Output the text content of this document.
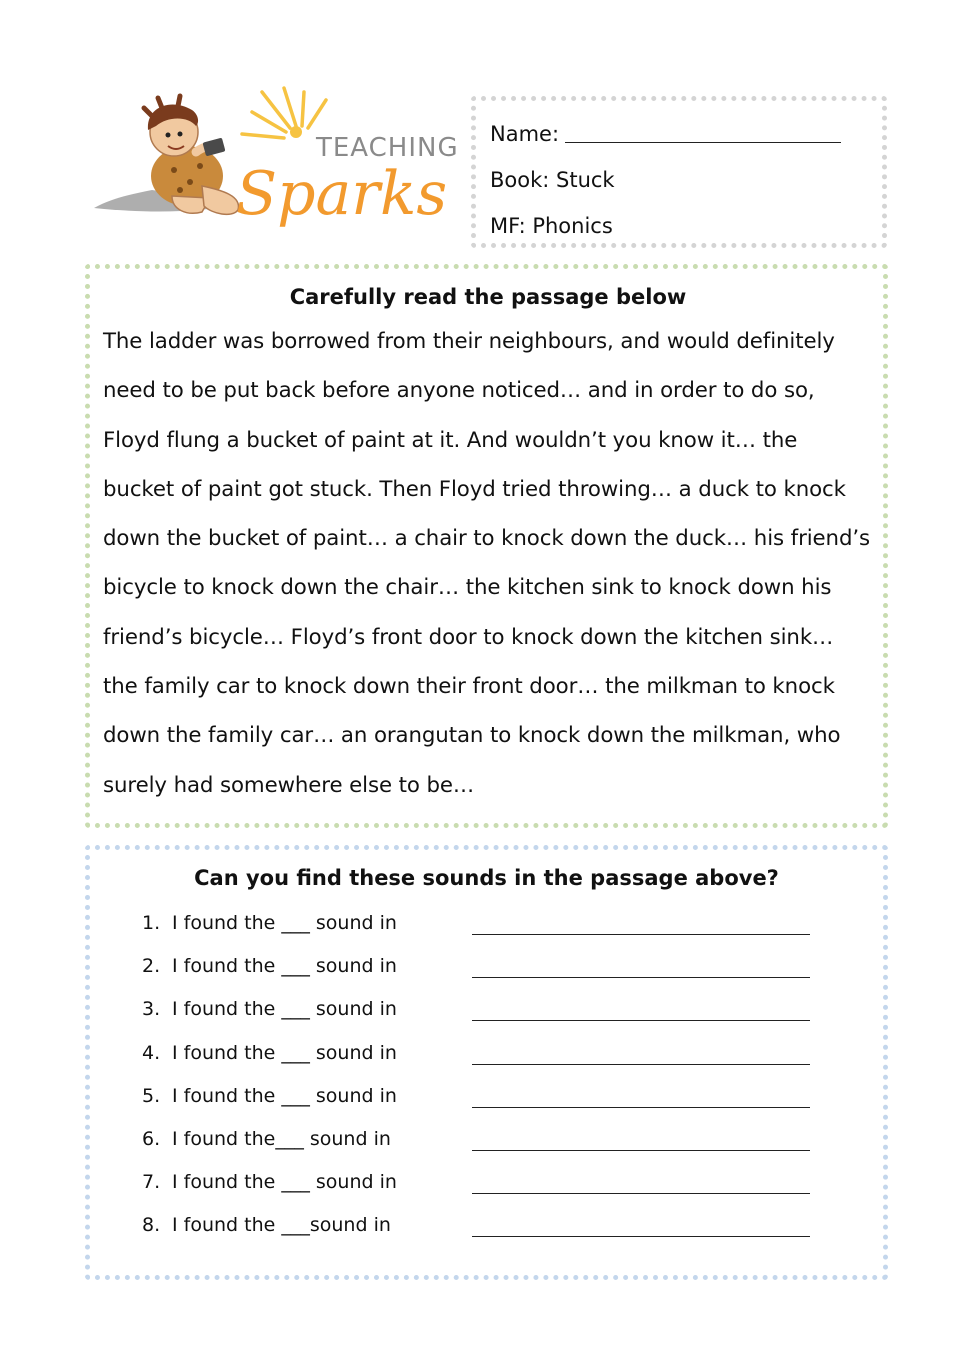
TEACHING
Sparks
Name:
Book: Stuck
MF: Phonics
Carefully read the passage below
The ladder was borrowed from their neighbours, and would definitely need to be put back before anyone noticed… and in order to do so, Floyd flung a bucket of paint at it. And wouldn’t you know it… the bucket of paint got stuck. Then Floyd tried throwing… a duck to knock down the bucket of paint… a chair to knock down the duck… his friend’s bicycle to knock down the chair… the kitchen sink to knock down his friend’s bicycle… Floyd’s front door to knock down the kitchen sink… the family car to knock down their front door… the milkman to knock down the family car… an orangutan to knock down the milkman, who surely had somewhere else to be…
Can you find these sounds in the passage above?
1. I found the ___ sound in
2. I found the ___ sound in
3. I found the ___ sound in
4. I found the ___ sound in
5. I found the ___ sound in
6. I found the___ sound in
7. I found the ___ sound in
8. I found the ___sound in
